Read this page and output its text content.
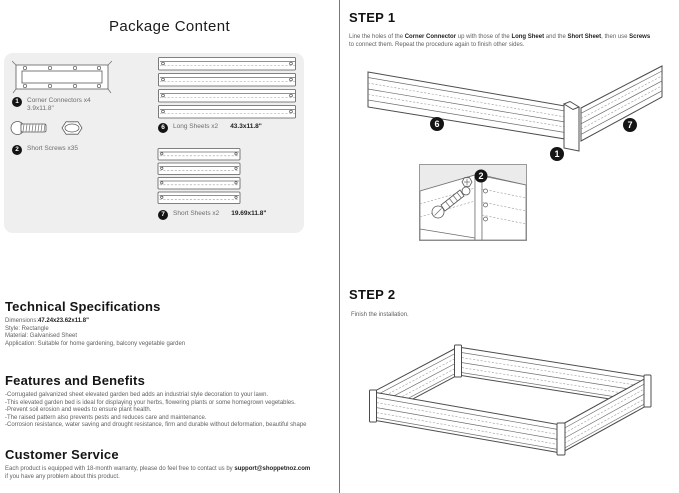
Package Content
1	Corner Connectors x4
3.9x11.8"
2	Short Screws x35
6	Long Sheets x2 43.3x11.8"
7	Short Sheets x2 19.69x11.8"
Technical Specifications
Dimensions:47.24x23.62x11.8"
Style: Rectangle
Material: Galvanised Sheet
Application: Suitable for home gardening, balcony vegetable garden
Features and Benefits
-Corrugated galvanized sheet elevated garden bed adds an industrial style decoration to your lawn.
-This elevated garden bed is ideal for displaying your herbs, flowering plants or some homegrown vegetables.
-Prevent soil erosion and weeds to ensure plant health.
-The raised pattern also prevents pests and reduces care and maintenance.
-Corrosion resistance, water saving and drought resistance, firm and durable without deformation, beautiful shape
Customer Service
Each product is equipped with 18-month warranty, please do feel free to contact us by support@shoppetnoz.com
if you have any problem about this product.
STEP 1
Line the holes of the Corner Connector up with those of the Long Sheet and the Short Sheet, then use Screws
to connect them. Repeat the procedure again to finish other sides.
6
1
7
2
STEP 2
Finish the installation.
